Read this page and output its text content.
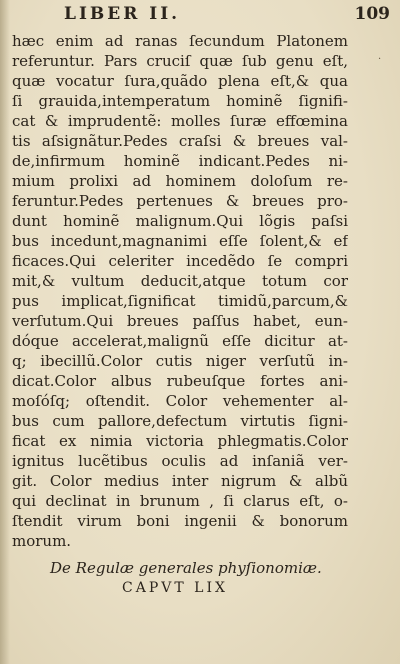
LIBER II.	109
·
hæc enim ad ranas ſecundum Platonem
referuntur. Pars cruciſ quæ ſub genu eſt,
quæ vocatur ſura,quãdo plena eſt,& qua
ſi grauida,intemperatum hominẽ ſignifi-
cat & imprudentẽ: molles ſuræ effœmina
tis aſsignãtur.Pedes craſsi & breues val-
de,infirmum hominẽ indicant.Pedes ni-
mium prolixi ad hominem doloſum re-
feruntur.Pedes pertenues & breues pro-
dunt hominẽ malignum.Qui lõgis paſsi
bus incedunt,magnanimi eſſe ſolent,& ef
ficaces.Qui celeriter incedẽdo ſe compri
mit,& vultum deducit,atque totum cor
pus implicat,ſignificat timidũ,parcum,&
verſutum.Qui breues paſſus habet, eun-
dóque accelerat,malignũ eſſe dicitur at-
q; ibecillũ.Color cutis niger verſutũ in-
dicat.Color albus rubeuſque fortes ani-
moſóſq; oſtendit. Color vehementer al-
bus cum pallore,defectum virtutis ſigni-
ficat ex nimia victoria phlegmatis.Color
ignitus lucẽtibus oculis ad inſaniã ver-
git. Color medius inter nigrum & albũ
qui declinat in brunum , ſi clarus eſt, o-
ſtendit virum boni ingenii & bonorum
morum.
De Regulæ generales phyſionomiæ.
CAPVT LIX
